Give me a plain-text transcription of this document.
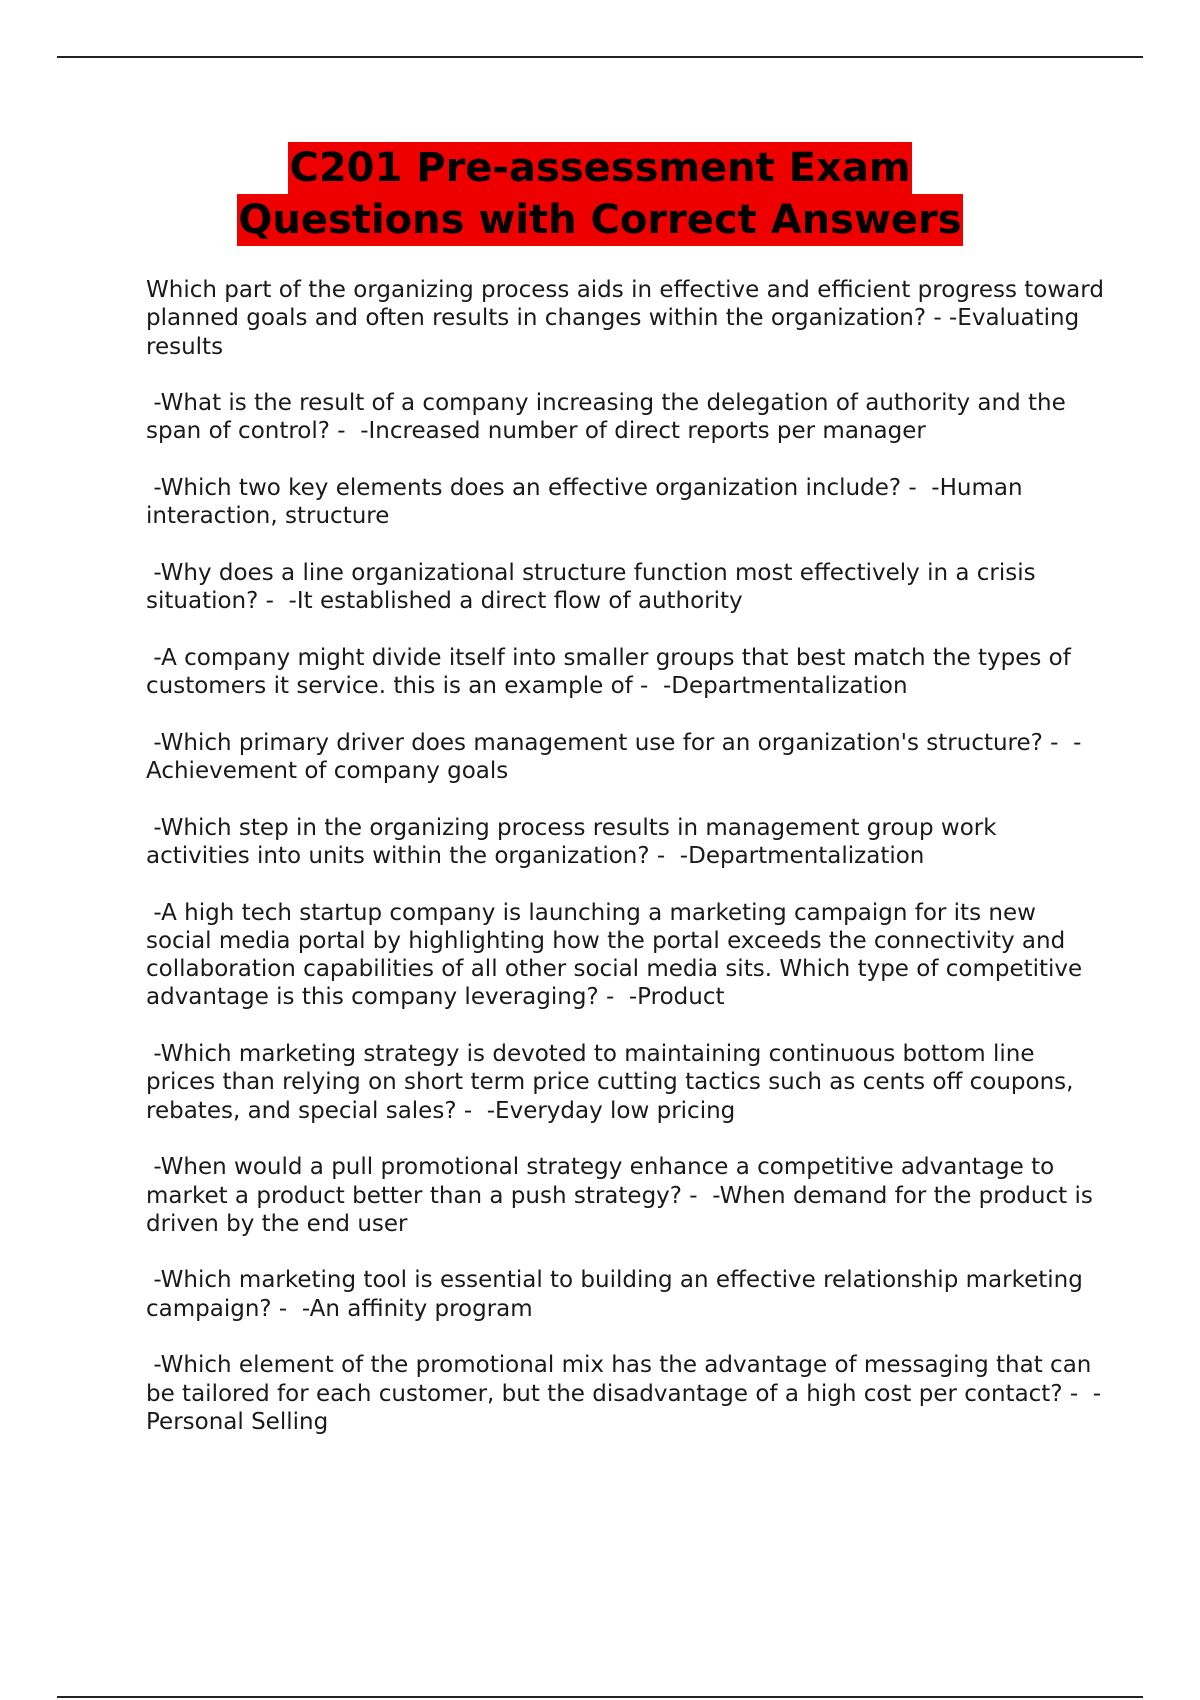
C201 Pre-assessment Exam
Questions with Correct Answers

Which part of the organizing process aids in effective and efficient progress toward planned goals and often results in changes within the organization? - -Evaluating results

-What is the result of a company increasing the delegation of authority and the span of control? -  -Increased number of direct reports per manager

-Which two key elements does an effective organization include? -  -Human interaction, structure

-Why does a line organizational structure function most effectively in a crisis situation? -  -It established a direct flow of authority

-A company might divide itself into smaller groups that best match the types of customers it service. this is an example of -  -Departmentalization

-Which primary driver does management use for an organization's structure? -  -Achievement of company goals

-Which step in the organizing process results in management group work activities into units within the organization? -  -Departmentalization

-A high tech startup company is launching a marketing campaign for its new social media portal by highlighting how the portal exceeds the connectivity and collaboration capabilities of all other social media sits. Which type of competitive advantage is this company leveraging? -  -Product

-Which marketing strategy is devoted to maintaining continuous bottom line prices than relying on short term price cutting tactics such as cents off coupons, rebates, and special sales? -  -Everyday low pricing

-When would a pull promotional strategy enhance a competitive advantage to market a product better than a push strategy? -  -When demand for the product is driven by the end user

-Which marketing tool is essential to building an effective relationship marketing campaign? -  -An affinity program

-Which element of the promotional mix has the advantage of messaging that can be tailored for each customer, but the disadvantage of a high cost per contact? -  -Personal Selling
